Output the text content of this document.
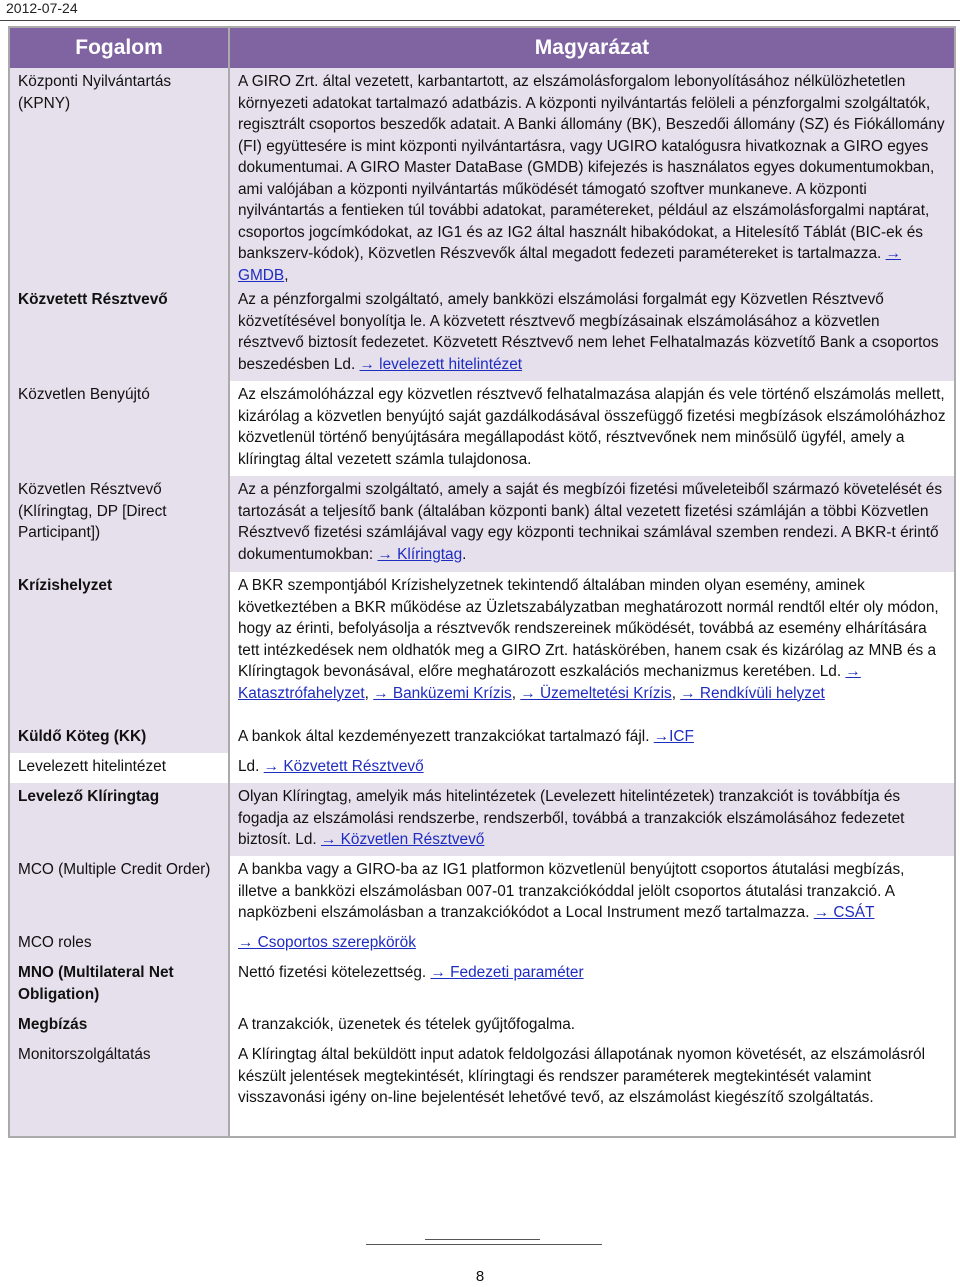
2012-07-24
Fogalom
Központi Nyilvántartás (KPNY)
Közvetett Résztvevő
Közvetlen Benyújtó
Közvetlen Résztvevő (Klíringtag, DP [Direct Participant])
Krízishelyzet
Küldő Köteg (KK)
Levelezett hitelintézet
Levelező Klíringtag
MCO (Multiple Credit Order)
MCO roles
MNO (Multilateral Net Obligation)
Megbízás
Monitorszolgáltatás
Magyarázat
A GIRO Zrt. által vezetett, karbantartott, az elszámolásforgalom lebonyolításához nélkülözhetetlen környezeti adatokat tartalmazó adatbázis. A központi nyilvántartás felöleli a pénzforgalmi szolgáltatók, regisztrált csoportos beszedők adatait. A Banki állomány (BK), Beszedői állomány (SZ) és Fiókállomány (FI) együttesére is mint központi nyilvántartásra, vagy UGIRO katalógusra hivatkoznak a GIRO egyes dokumentumai. A GIRO Master DataBase (GMDB) kifejezés is használatos egyes dokumentumokban, ami valójában a központi nyilvántartás működését támogató szoftver munkaneve. A központi nyilvántartás a fentieken túl további adatokat, paramétereket, például az elszámolásforgalmi naptárat, csoportos jogcímkódokat, az IG1 és az IG2 által használt hibakódokat, a Hitelesítő Táblát (BIC-ek és bankszerv-kódok), Közvetlen Részvevők által megadott fedezeti paramétereket is tartalmazza. → GMDB,
Az a pénzforgalmi szolgáltató, amely bankközi elszámolási forgalmát egy Közvetlen Résztvevő közvetítésével bonyolítja le. A közvetett résztvevő megbízásainak elszámolásához a közvetlen résztvevő biztosít fedezetet. Közvetett Résztvevő nem lehet Felhatalmazás közvetítő Bank a csoportos beszedésben Ld. → levelezett hitelintézet
Az elszámolóházzal egy közvetlen résztvevő felhatalmazása alapján és vele történő elszámolás mellett, kizárólag a közvetlen benyújtó saját gazdálkodásával összefüggő fizetési megbízások elszámolóházhoz közvetlenül történő benyújtására megállapodást kötő, résztvevőnek nem minősülő ügyfél, amely a klíringtag által vezetett számla tulajdonosa.
Az a pénzforgalmi szolgáltató, amely a saját és megbízói fizetési műveleteiből származó követelését és tartozását a teljesítő bank (általában központi bank) által vezetett fizetési számláján a többi Közvetlen Résztvevő fizetési számlájával vagy egy központi technikai számlával szemben rendezi. A BKR-t érintő dokumentumokban: → Klíringtag.
A BKR szempontjából Krízishelyzetnek tekintendő általában minden olyan esemény, aminek következtében a BKR működése az Üzletszabályzatban meghatározott normál rendtől eltér oly módon, hogy az érinti, befolyásolja a résztvevők rendszereinek működését, továbbá az esemény elhárítására tett intézkedések nem oldhatók meg a GIRO Zrt. hatáskörében, hanem csak és kizárólag az MNB és a Klíringtagok bevonásával, előre meghatározott eszkalációs mechanizmus keretében. Ld. → Katasztrófahelyzet, → Banküzemi Krízis, → Üzemeltetési Krízis, → Rendkívüli helyzet
A bankok által kezdeményezett tranzakciókat tartalmazó fájl. →ICF
Ld. → Közvetett Résztvevő
Olyan Klíringtag, amelyik más hitelintézetek (Levelezett hitelintézetek) tranzakciót is továbbítja és fogadja az elszámolási rendszerbe, rendszerből, továbbá a tranzakciók elszámolásához fedezetet biztosít. Ld. → Közvetlen Résztvevő
A bankba vagy a GIRO-ba az IG1 platformon közvetlenül benyújtott csoportos átutalási megbízás, illetve a bankközi elszámolásban 007-01 tranzakciókóddal jelölt csoportos átutalási tranzakció. A napközbeni elszámolásban a tranzakciókódot a Local Instrument mező tartalmazza. → CSÁT
→ Csoportos szerepkörök
Nettó fizetési kötelezettség. → Fedezeti paraméter
A tranzakciók, üzenetek és tételek gyűjtőfogalma.
A Klíringtag által beküldött input adatok feldolgozási állapotának nyomon követését, az elszámolásról készült jelentések megtekintését, klíringtagi és rendszer paraméterek megtekintését valamint visszavonási igény on-line bejelentését lehetővé tevő, az elszámolást kiegészítő szolgáltatás.
8
